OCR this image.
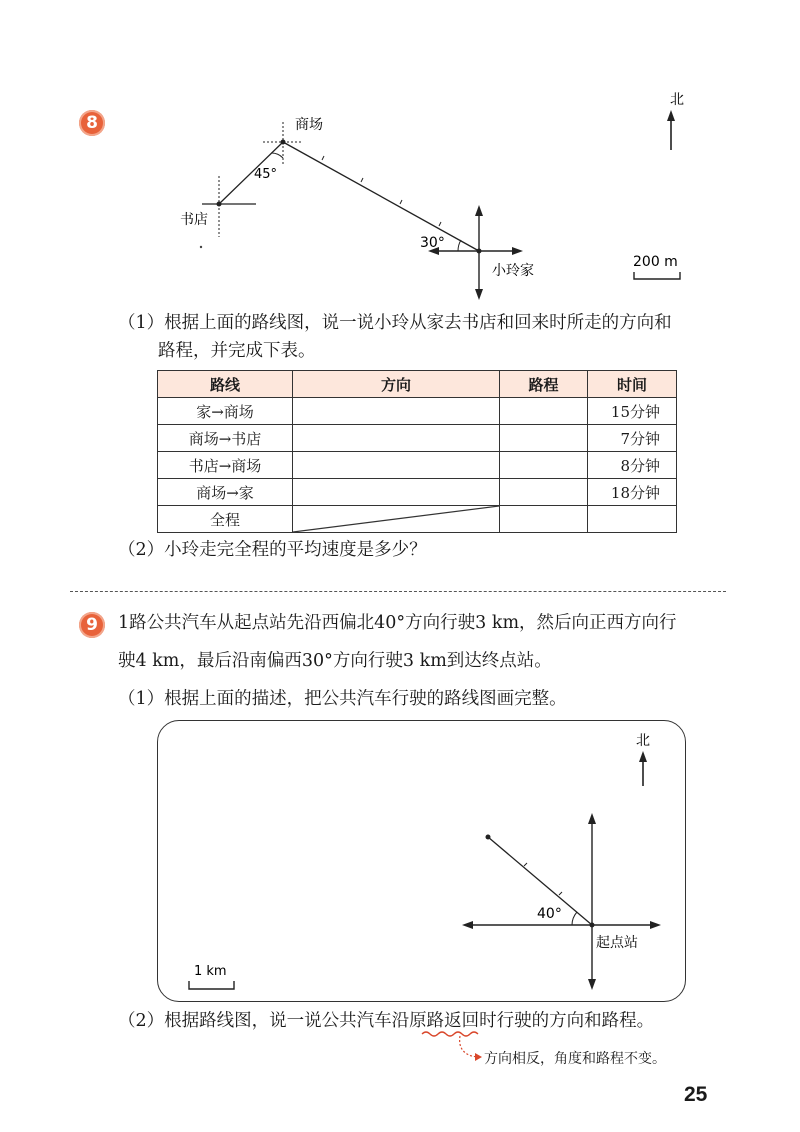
8
北
商场
书店
45°
30°
小玲家
200 m
（1）根据上面的路线图，说一说小玲从家去书店和回来时所走的方向和
路程，并完成下表。
路线	方向	路程	时间
家→商场			15分钟
商场→书店			7分钟
书店→商场			8分钟
商场→家			18分钟
全程	

（2）小玲走完全程的平均速度是多少？
9 1路公共汽车从起点站先沿西偏北40°方向行驶3 km，然后向正西方向行
驶4 km，最后沿南偏西30°方向行驶3 km到达终点站。
（1）根据上面的描述，把公共汽车行驶的路线图画完整。
北
40°
起点站
1 km
（2）根据路线图，说一说公共汽车沿原路返回时行驶的方向和路程。
方向相反，角度和路程不变。
25
